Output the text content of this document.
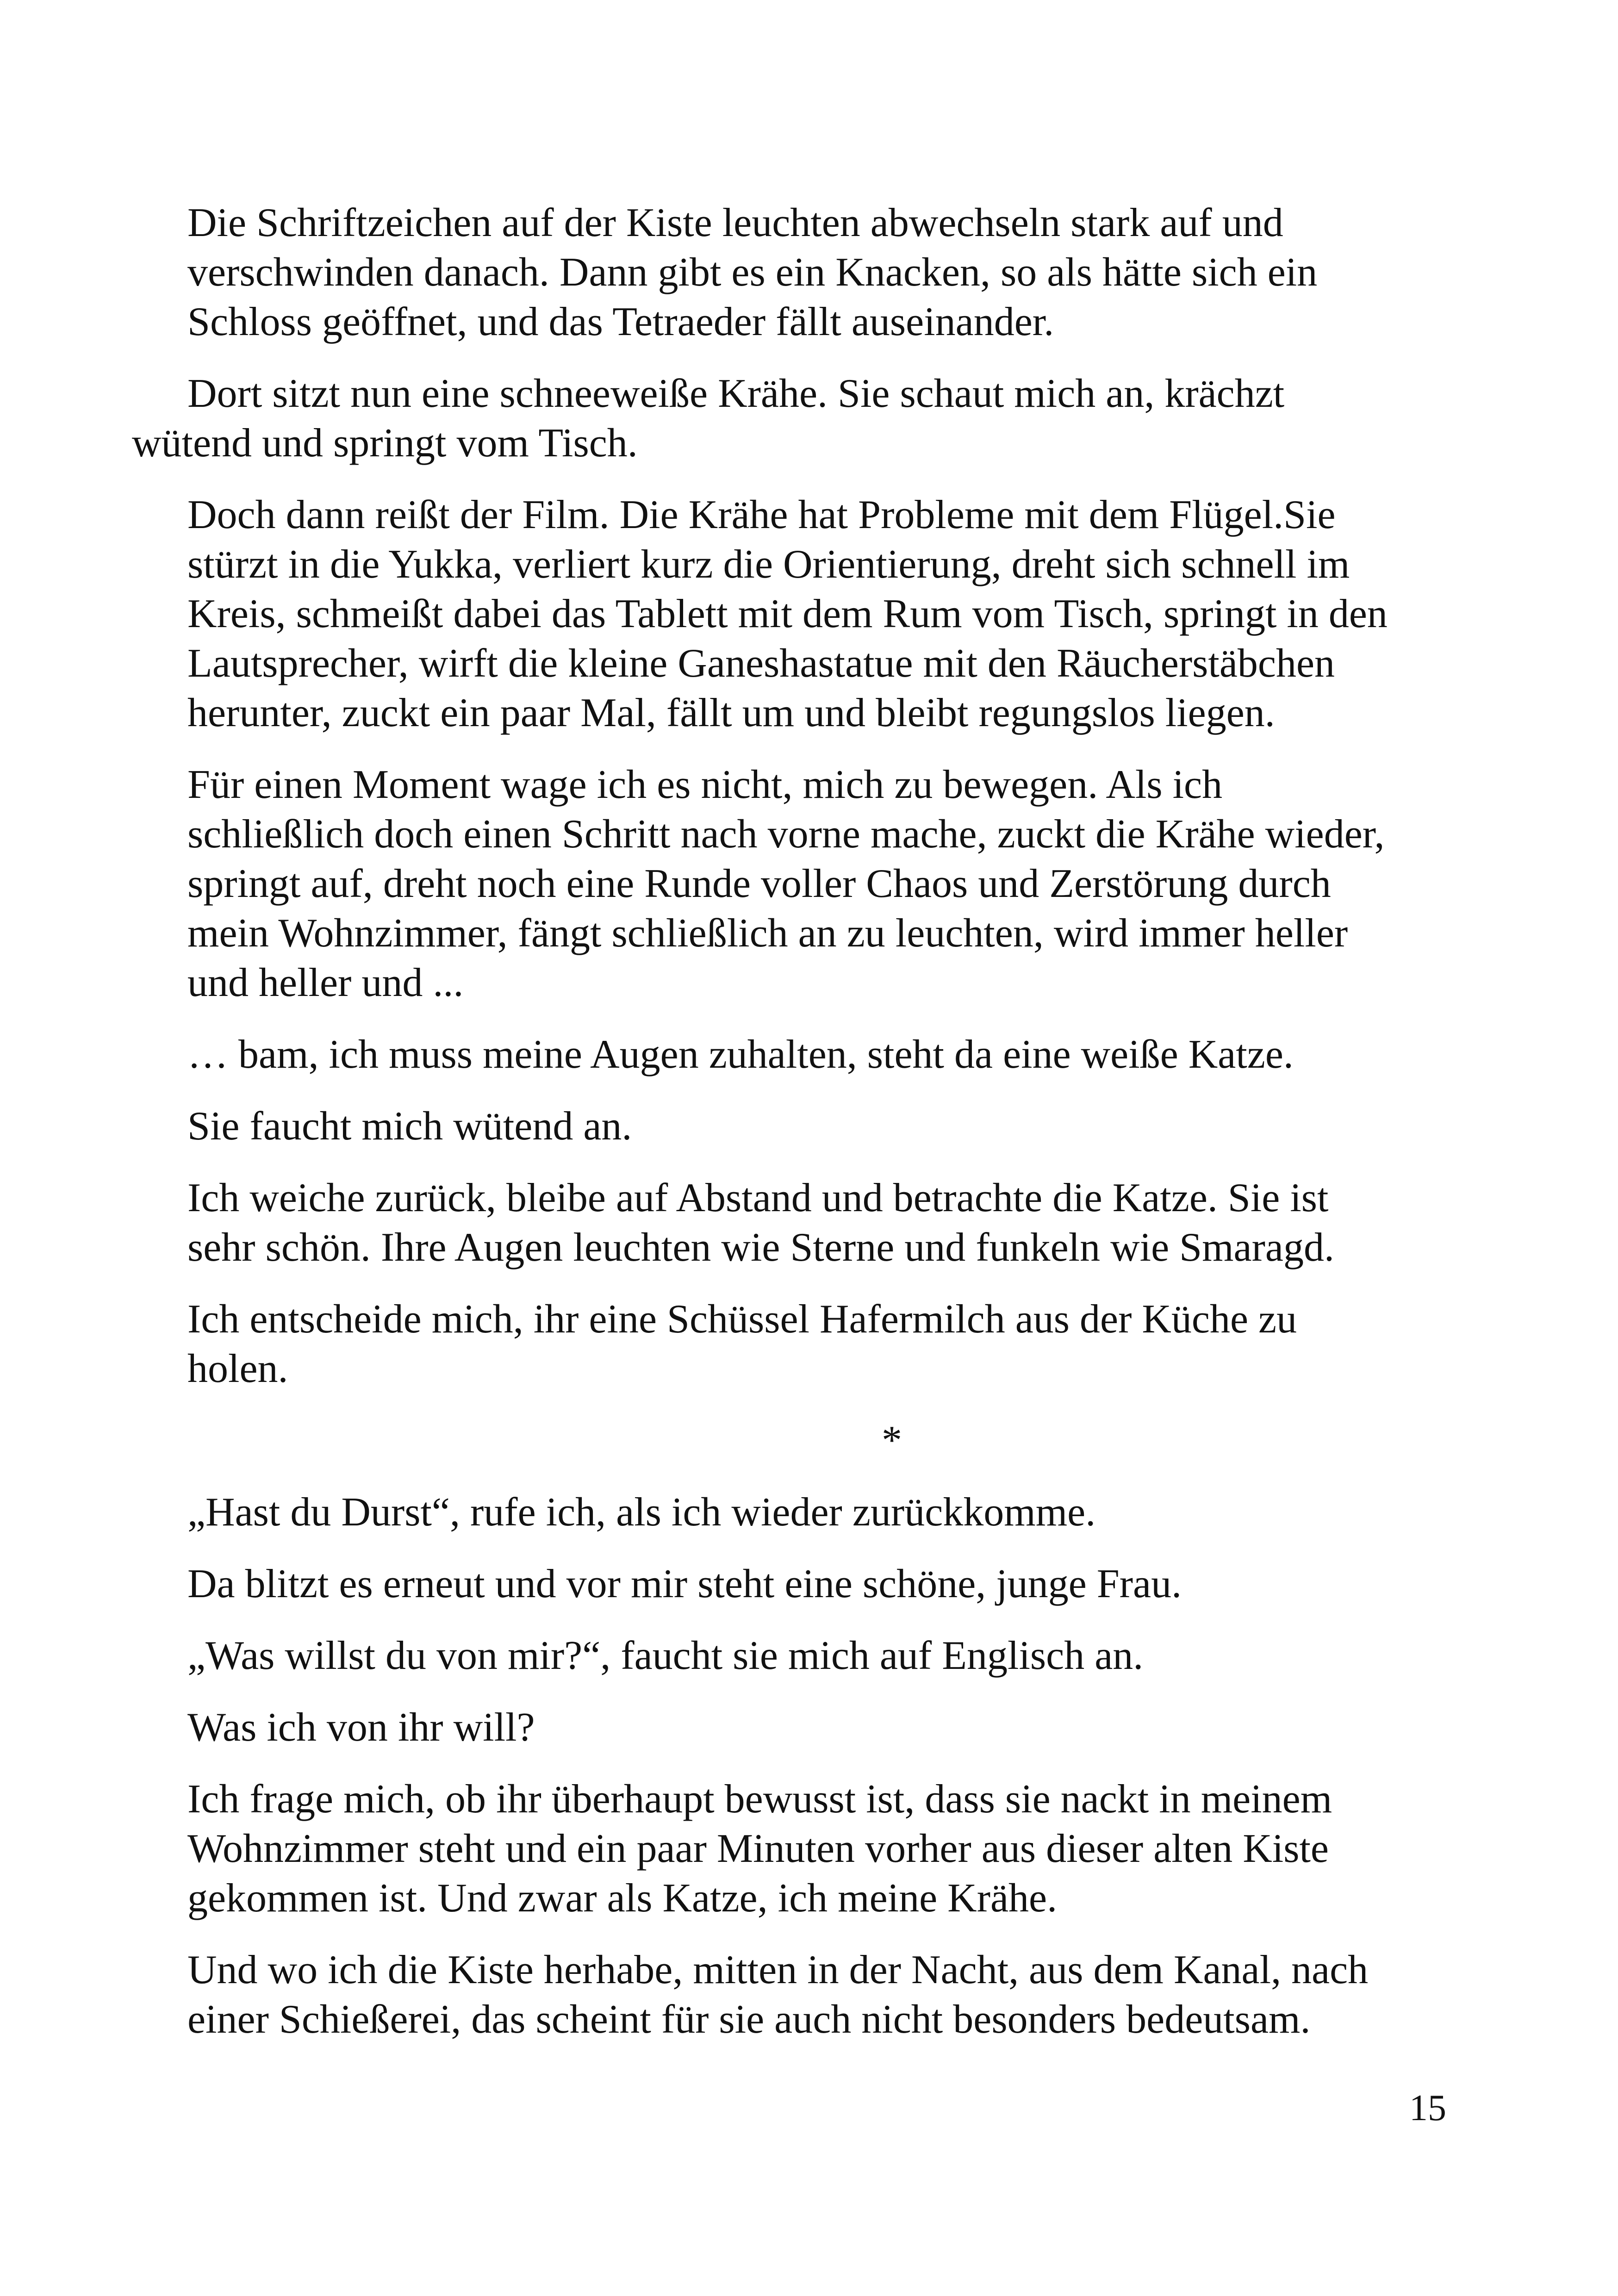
Die Schriftzeichen auf der Kiste leuchten abwechseln stark auf und
verschwinden danach. Dann gibt es ein Knacken, so als hätte sich ein
Schloss geöffnet, und das Tetraeder fällt auseinander.

Dort sitzt nun eine schneeweiße Krähe. Sie schaut mich an, krächzt
wütend und springt vom Tisch.

Doch dann reißt der Film. Die Krähe hat Probleme mit dem Flügel.Sie
stürzt in die Yukka, verliert kurz die Orientierung, dreht sich schnell im
Kreis, schmeißt dabei das Tablett mit dem Rum vom Tisch, springt in den
Lautsprecher, wirft die kleine Ganeshastatue mit den Räucherstäbchen
herunter, zuckt ein paar Mal, fällt um und bleibt regungslos liegen.

Für einen Moment wage ich es nicht, mich zu bewegen. Als ich
schließlich doch einen Schritt nach vorne mache, zuckt die Krähe wieder,
springt auf, dreht noch eine Runde voller Chaos und Zerstörung durch
mein Wohnzimmer, fängt schließlich an zu leuchten, wird immer heller
und heller und ...

… bam, ich muss meine Augen zuhalten, steht da eine weiße Katze.

Sie faucht mich wütend an.

Ich weiche zurück, bleibe auf Abstand und betrachte die Katze. Sie ist
sehr schön. Ihre Augen leuchten wie Sterne und funkeln wie Smaragd.

Ich entscheide mich, ihr eine Schüssel Hafermilch aus der Küche zu
holen.

*

„Hast du Durst“, rufe ich, als ich wieder zurückkomme.

Da blitzt es erneut und vor mir steht eine schöne, junge Frau.

„Was willst du von mir?“, faucht sie mich auf Englisch an.

Was ich von ihr will?

Ich frage mich, ob ihr überhaupt bewusst ist, dass sie nackt in meinem
Wohnzimmer steht und ein paar Minuten vorher aus dieser alten Kiste
gekommen ist. Und zwar als Katze, ich meine Krähe.

Und wo ich die Kiste herhabe, mitten in der Nacht, aus dem Kanal, nach
einer Schießerei, das scheint für sie auch nicht besonders bedeutsam.

15
